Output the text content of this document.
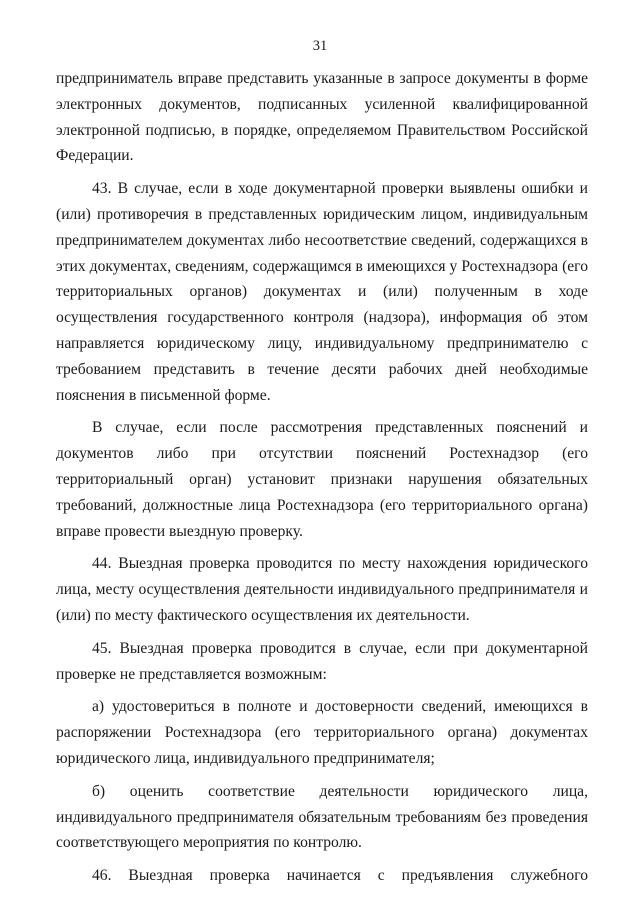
31

предприниматель вправе представить указанные в запросе документы в форме электронных документов, подписанных усиленной квалифицированной электронной подписью, в порядке, определяемом Правительством Российской Федерации.

43. В случае, если в ходе документарной проверки выявлены ошибки и (или) противоречия в представленных юридическим лицом, индивидуальным предпринимателем документах либо несоответствие сведений, содержащихся в этих документах, сведениям, содержащимся в имеющихся у Ростехнадзора (его территориальных органов) документах и (или) полученным в ходе осуществления государственного контроля (надзора), информация об этом направляется юридическому лицу, индивидуальному предпринимателю с требованием представить в течение десяти рабочих дней необходимые пояснения в письменной форме.

В случае, если после рассмотрения представленных пояснений и документов либо при отсутствии пояснений Ростехнадзор (его территориальный орган) установит признаки нарушения обязательных требований, должностные лица Ростехнадзора (его территориального органа) вправе провести выездную проверку.

44. Выездная проверка проводится по месту нахождения юридического лица, месту осуществления деятельности индивидуального предпринимателя и (или) по месту фактического осуществления их деятельности.

45. Выездная проверка проводится в случае, если при документарной проверке не представляется возможным:

а) удостовериться в полноте и достоверности сведений, имеющихся в распоряжении Ростехнадзора (его территориального органа) документах юридического лица, индивидуального предпринимателя;

б) оценить соответствие деятельности юридического лица, индивидуального предпринимателя обязательным требованиям без проведения соответствующего мероприятия по контролю.

46. Выездная проверка начинается с предъявления служебного
